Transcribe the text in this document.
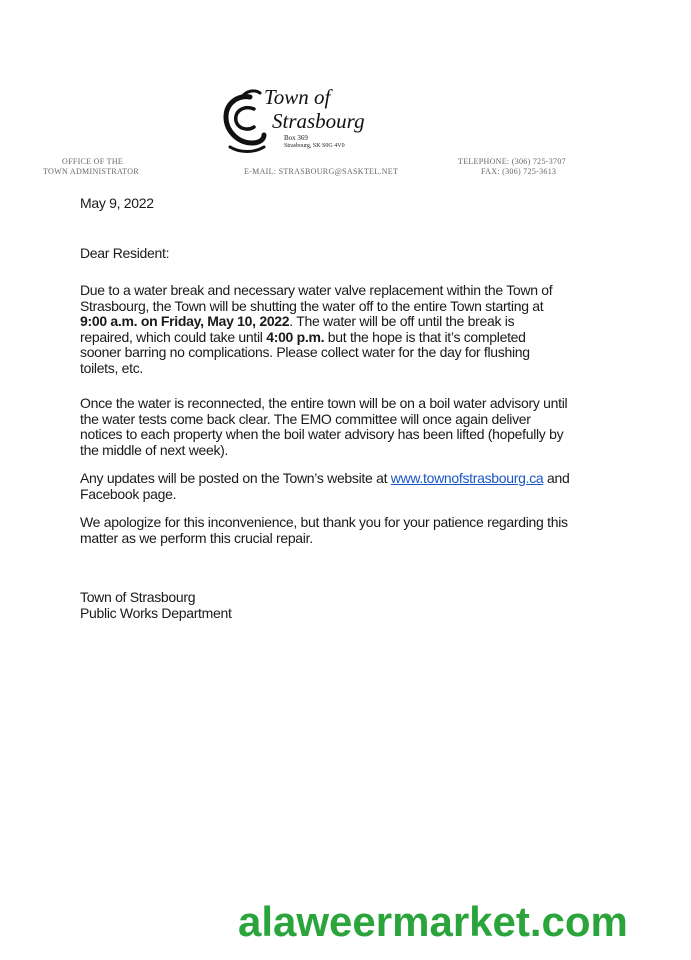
Town of
Strasbourg
Box 369
Strasbourg, SK S0G 4V0
OFFICE OF THE
TOWN ADMINISTRATOR	E-MAIL: STRASBOURG@SASKTEL.NET
TELEPHONE: (306) 725-3707
FAX: (306) 725-3613
May 9, 2022
Dear Resident:

Due to a water break and necessary water valve replacement within the Town of Strasbourg, the Town will be shutting the water off to the entire Town starting at 9:00 a.m. on Friday, May 10, 2022. The water will be off until the break is repaired, which could take until 4:00 p.m. but the hope is that it’s completed sooner barring no complications. Please collect water for the day for flushing toilets, etc.

Once the water is reconnected, the entire town will be on a boil water advisory until the water tests come back clear. The EMO committee will once again deliver notices to each property when the boil water advisory has been lifted (hopefully by the middle of next week).

Any updates will be posted on the Town’s website at www.townofstrasbourg.ca and Facebook page.

We apologize for this inconvenience, but thank you for your patience regarding this matter as we perform this crucial repair.

Town of Strasbourg
Public Works Department
alaweermarket.com
